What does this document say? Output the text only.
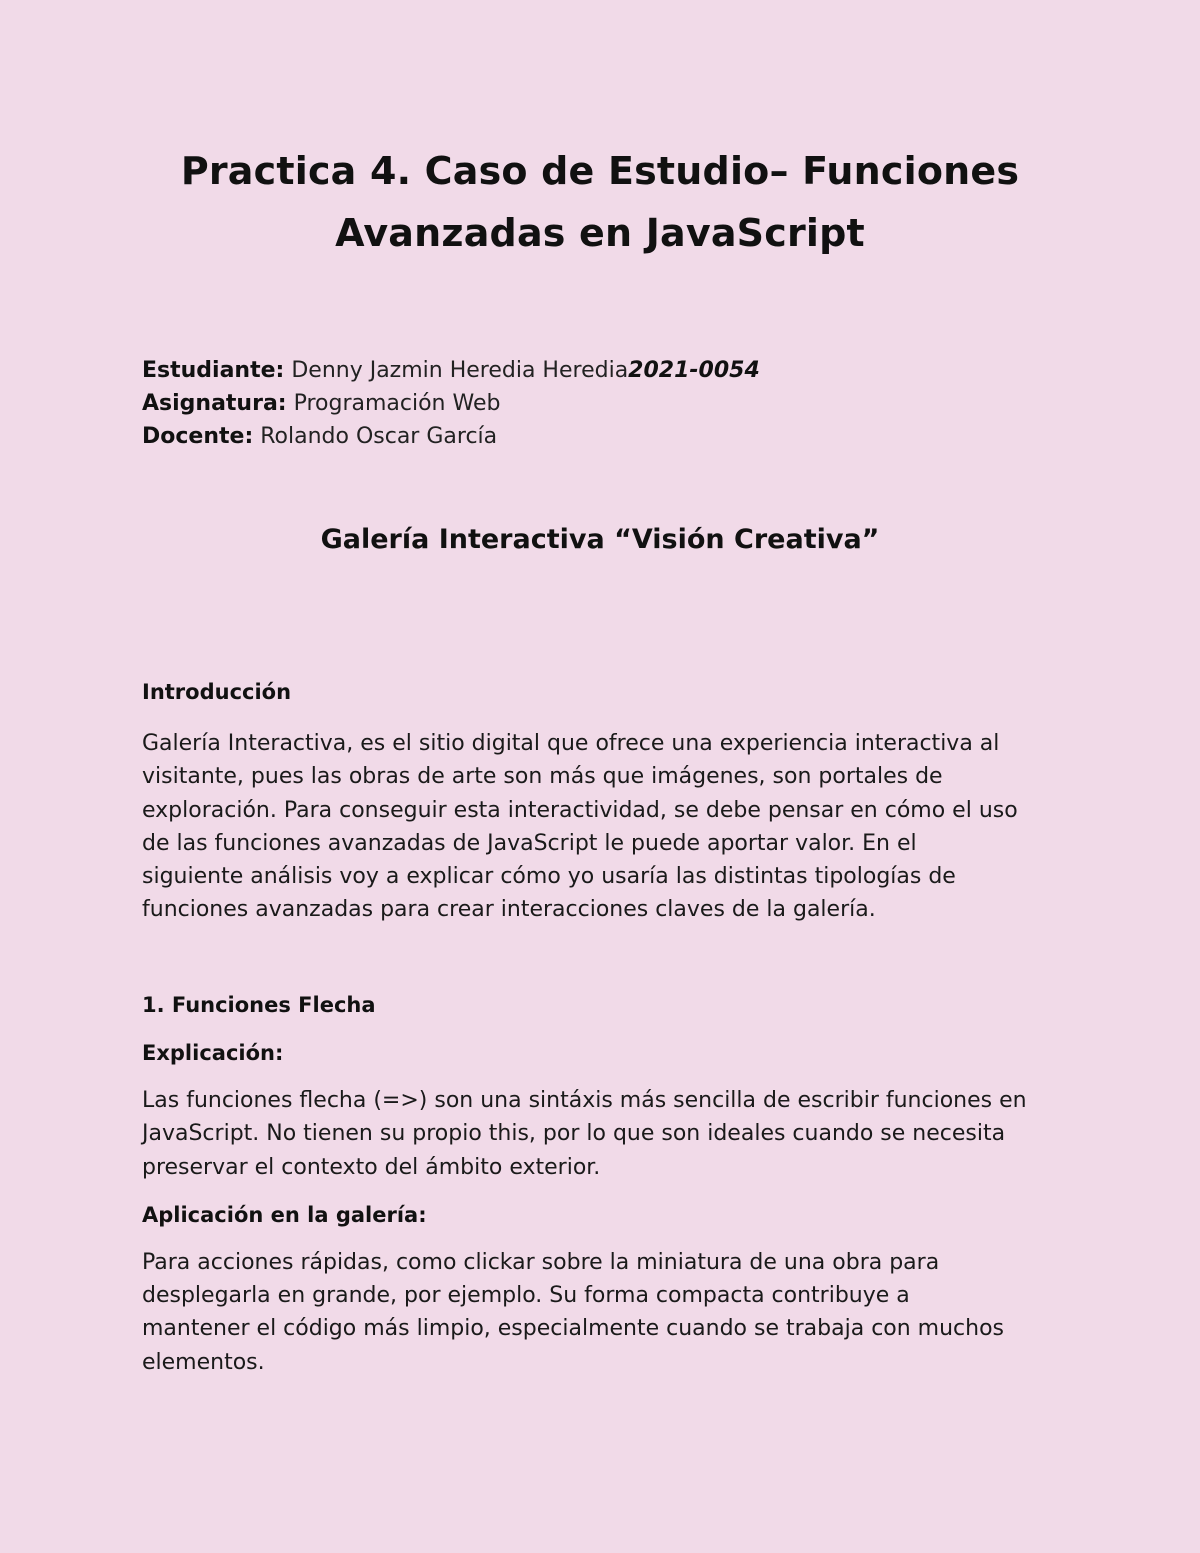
Practica 4. Caso de Estudio– Funciones
Avanzadas en JavaScript
Estudiante: Denny Jazmin Heredia Heredia2021-0054
Asignatura: Programación Web
Docente: Rolando Oscar García
Galería Interactiva “Visión Creativa”
Introducción

Galería Interactiva, es el sitio digital que ofrece una experiencia interactiva al
visitante, pues las obras de arte son más que imágenes, son portales de
exploración. Para conseguir esta interactividad, se debe pensar en cómo el uso
de las funciones avanzadas de JavaScript le puede aportar valor. En el
siguiente análisis voy a explicar cómo yo usaría las distintas tipologías de
funciones avanzadas para crear interacciones claves de la galería.

1. Funciones Flecha
Explicación:

Las funciones flecha (=>) son una sintáxis más sencilla de escribir funciones en
JavaScript. No tienen su propio this, por lo que son ideales cuando se necesita
preservar el contexto del ámbito exterior.

Aplicación en la galería:

Para acciones rápidas, como clickar sobre la miniatura de una obra para
desplegarla en grande, por ejemplo. Su forma compacta contribuye a
mantener el código más limpio, especialmente cuando se trabaja con muchos
elementos.
